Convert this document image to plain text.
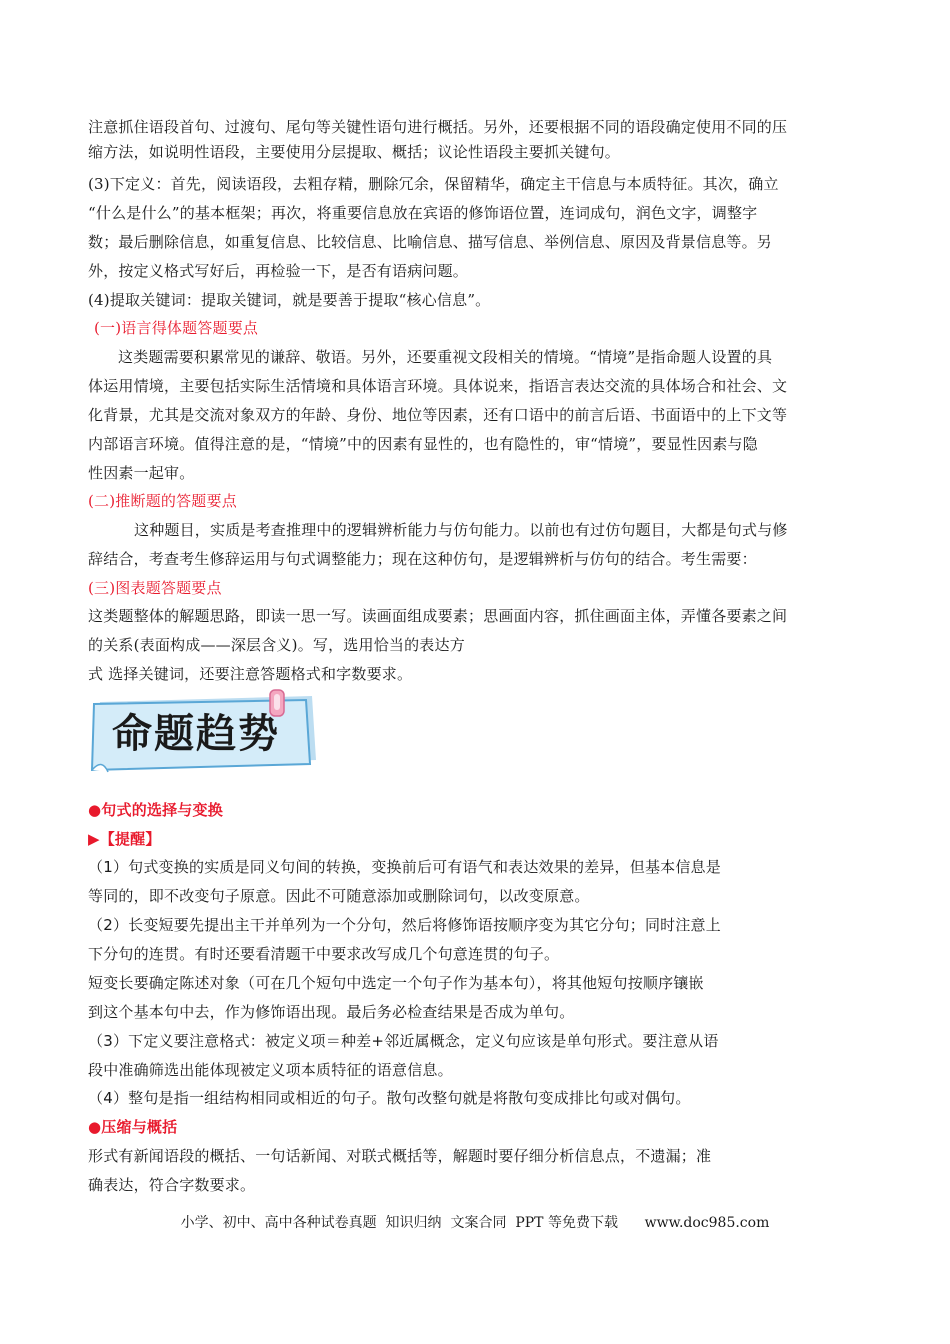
注意抓住语段首句、过渡句、尾句等关键性语句进行概括。另外，还要根据不同的语段确定使用不同的压
缩方法，如说明性语段，主要使用分层提取、概括；议论性语段主要抓关键句。
(3)下定义：首先，阅读语段，去粗存精，删除冗余，保留精华，确定主干信息与本质特征。其次，确立
“什么是什么”的基本框架；再次，将重要信息放在宾语的修饰语位置，连词成句，润色文字，调整字
数；最后删除信息，如重复信息、比较信息、比喻信息、描写信息、举例信息、原因及背景信息等。另
外，按定义格式写好后，再检验一下，是否有语病问题。
(4)提取关键词：提取关键词，就是要善于提取“核心信息”。
(一)语言得体题答题要点
这类题需要积累常见的谦辞、敬语。另外，还要重视文段相关的情境。“情境”是指命题人设置的具
体运用情境，主要包括实际生活情境和具体语言环境。具体说来，指语言表达交流的具体场合和社会、文
化背景，尤其是交流对象双方的年龄、身份、地位等因素，还有口语中的前言后语、书面语中的上下文等
内部语言环境。值得注意的是，“情境”中的因素有显性的，也有隐性的，审“情境”，要显性因素与隐
性因素一起审。
(二)推断题的答题要点
这种题目，实质是考查推理中的逻辑辨析能力与仿句能力。以前也有过仿句题目，大都是句式与修
辞结合，考查考生修辞运用与句式调整能力；现在这种仿句，是逻辑辨析与仿句的结合。考生需要：
(三)图表题答题要点
这类题整体的解题思路，即读一思一写。读画面组成要素；思画面内容，抓住画面主体，弄懂各要素之间
的关系(表面构成——深层含义)。写，选用恰当的表达方
式 选择关键词，还要注意答题格式和字数要求。
命题趋势
●句式的选择与变换
▶【提醒】
（1）句式变换的实质是同义句间的转换，变换前后可有语气和表达效果的差异，但基本信息是
等同的，即不改变句子原意。因此不可随意添加或删除词句，以改变原意。
（2）长变短要先提出主干并单列为一个分句，然后将修饰语按顺序变为其它分句；同时注意上
下分句的连贯。有时还要看清题干中要求改写成几个句意连贯的句子。
短变长要确定陈述对象（可在几个短句中选定一个句子作为基本句），将其他短句按顺序镶嵌
到这个基本句中去，作为修饰语出现。最后务必检查结果是否成为单句。
（3）下定义要注意格式：被定义项＝种差+邻近属概念，定义句应该是单句形式。要注意从语
段中准确筛选出能体现被定义项本质特征的语意信息。
（4）整句是指一组结构相同或相近的句子。散句改整句就是将散句变成排比句或对偶句。
●压缩与概括
形式有新闻语段的概括、一句话新闻、对联式概括等，解题时要仔细分析信息点，不遗漏；准
确表达，符合字数要求。
小学、初中、高中各种试卷真题  知识归纳  文案合同  PPT 等免费下载      www.doc985.com
